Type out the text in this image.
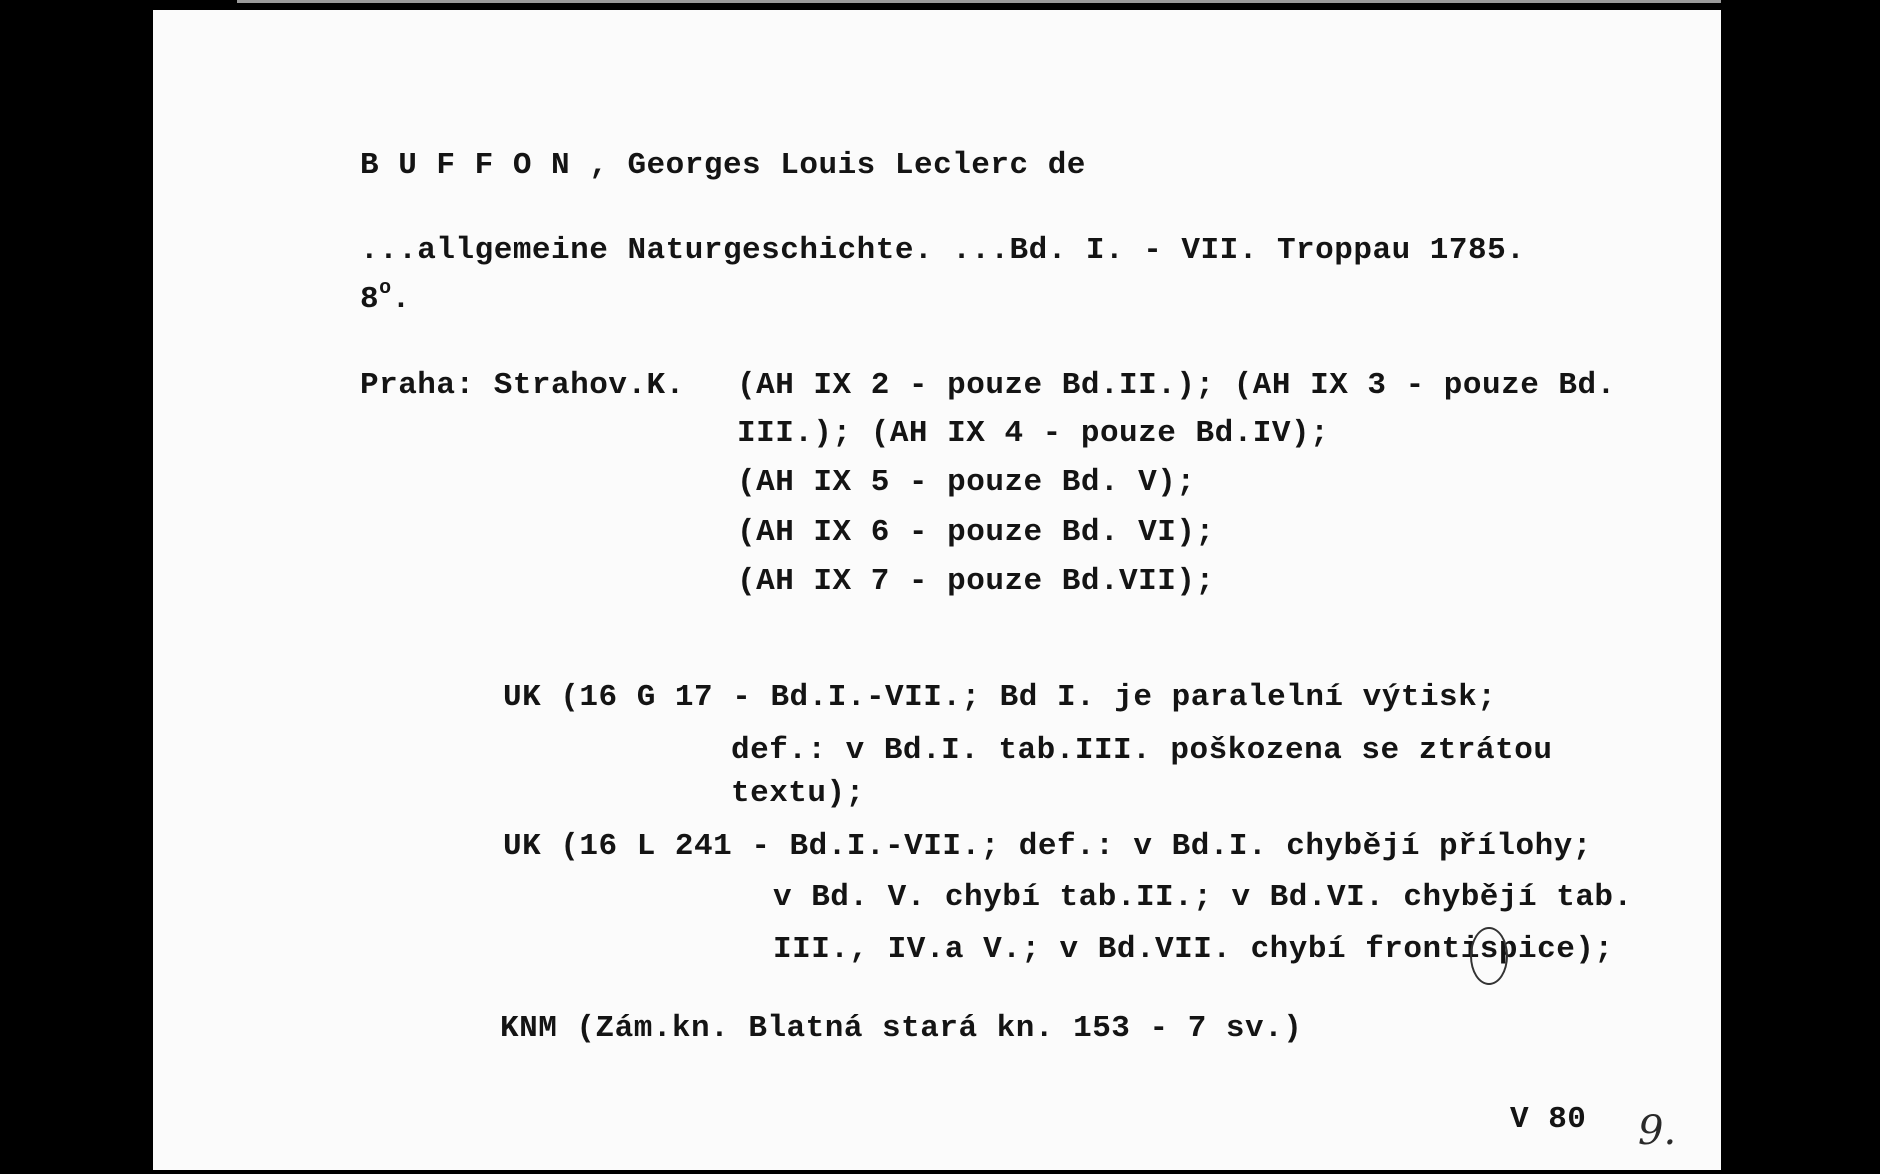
B U F F O N , Georges Louis Leclerc de
...allgemeine Naturgeschichte. ...Bd. I. - VII. Troppau 1785.
8$^o$.
Praha: Strahov.K. (AH IX 2 - pouze Bd.II.); (AH IX 3 - pouze Bd.
III.); (AH IX 4 - pouze Bd.IV);
(AH IX 5 - pouze Bd. V);
(AH IX 6 - pouze Bd. VI);
(AH IX 7 - pouze Bd.VII);
UK (16 G 17 - Bd.I.-VII.; Bd I. je paralelní výtisk;
def.: v Bd.I. tab.III. poškozena se ztrátou
textu);
UK (16 L 241 - Bd.I.-VII.; def.: v Bd.I. chybějí přílohy;
v Bd. V. chybí tab.II.; v Bd.VI. chybějí tab.
III., IV.a V.; v Bd.VII. chybí frontispice);
KNM (Zám.kn. Blatná stará kn. 153 - 7 sv.)
V 80 9.
